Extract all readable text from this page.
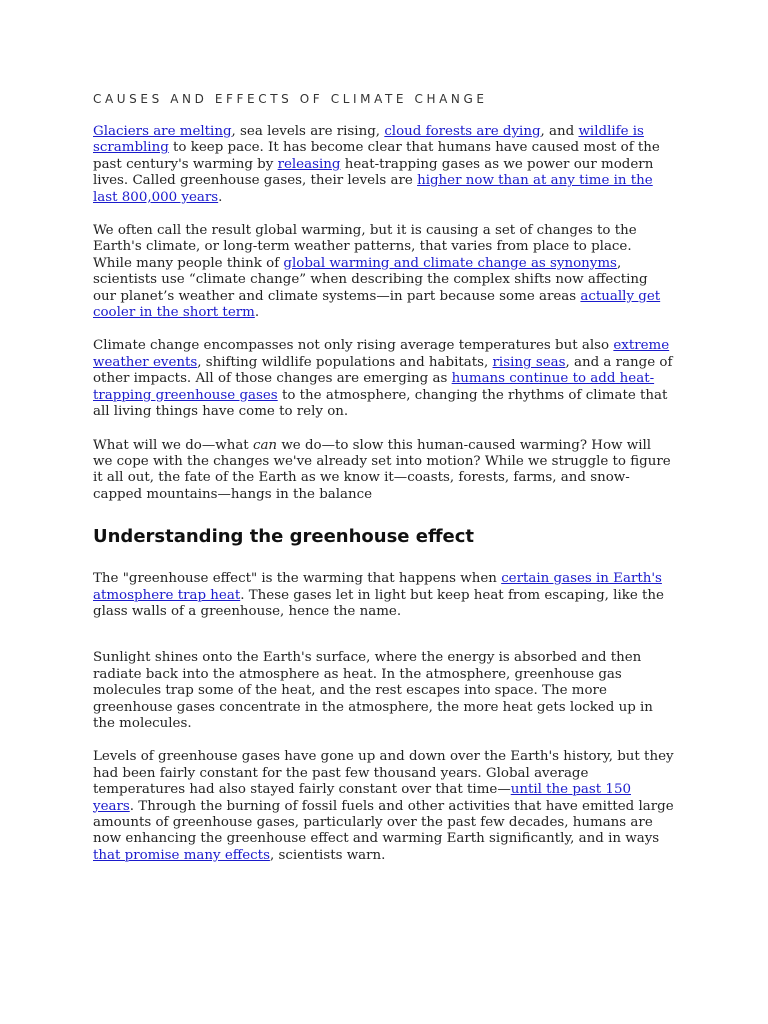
CAUSES AND EFFECTS OF CLIMATE CHANGE

Glaciers are melting, sea levels are rising, cloud forests are dying, and wildlife is scrambling to keep pace. It has become clear that humans have caused most of the past century's warming by releasing heat-trapping gases as we power our modern lives. Called greenhouse gases, their levels are higher now than at any time in the last 800,000 years.

We often call the result global warming, but it is causing a set of changes to the Earth's climate, or long-term weather patterns, that varies from place to place. While many people think of global warming and climate change as synonyms, scientists use “climate change” when describing the complex shifts now affecting our planet’s weather and climate systems—in part because some areas actually get cooler in the short term.

Climate change encompasses not only rising average temperatures but also extreme weather events, shifting wildlife populations and habitats, rising seas, and a range of other impacts. All of those changes are emerging as humans continue to add heat-trapping greenhouse gases to the atmosphere, changing the rhythms of climate that all living things have come to rely on.

What will we do—what can we do—to slow this human-caused warming? How will we cope with the changes we've already set into motion? While we struggle to figure it all out, the fate of the Earth as we know it—coasts, forests, farms, and snow-capped mountains—hangs in the balance

Understanding the greenhouse effect

The "greenhouse effect" is the warming that happens when certain gases in Earth's atmosphere trap heat. These gases let in light but keep heat from escaping, like the glass walls of a greenhouse, hence the name.

Sunlight shines onto the Earth's surface, where the energy is absorbed and then radiate back into the atmosphere as heat. In the atmosphere, greenhouse gas molecules trap some of the heat, and the rest escapes into space. The more greenhouse gases concentrate in the atmosphere, the more heat gets locked up in the molecules.

Levels of greenhouse gases have gone up and down over the Earth's history, but they had been fairly constant for the past few thousand years. Global average temperatures had also stayed fairly constant over that time—until the past 150 years. Through the burning of fossil fuels and other activities that have emitted large amounts of greenhouse gases, particularly over the past few decades, humans are now enhancing the greenhouse effect and warming Earth significantly, and in ways that promise many effects, scientists warn.
